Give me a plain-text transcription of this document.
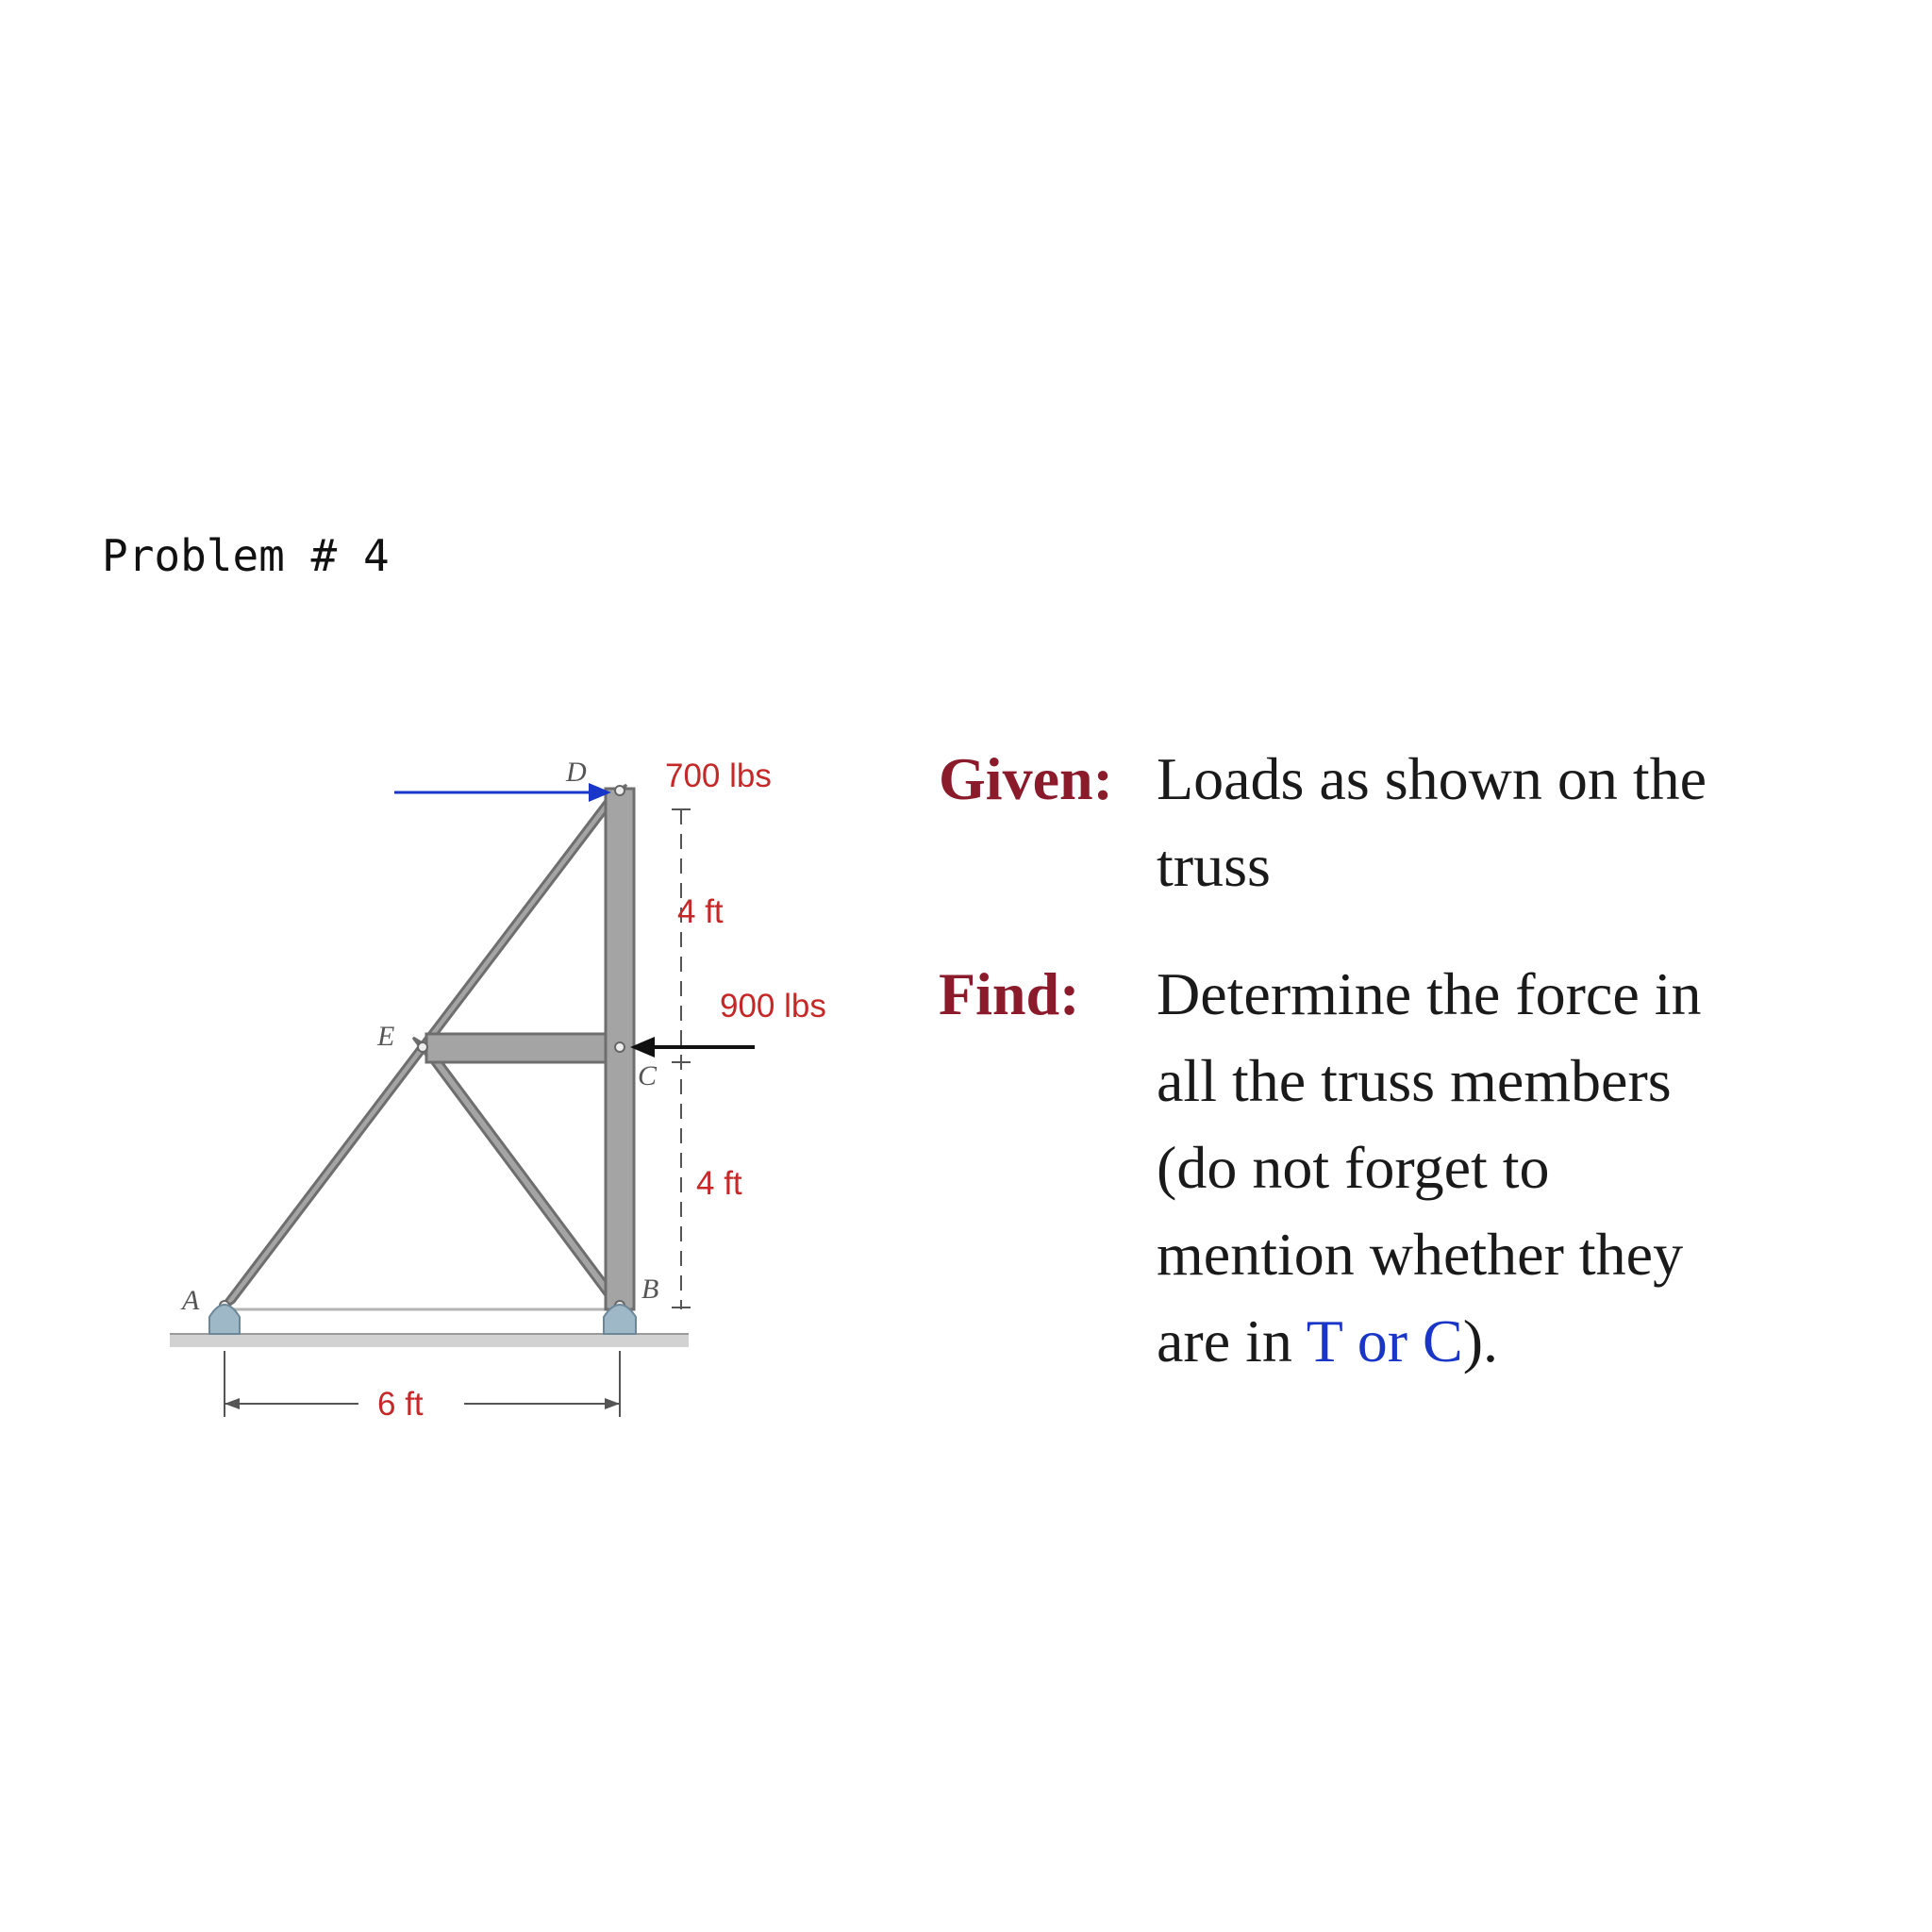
Problem # 4
A
E
C
D
B
700 lbs
900 lbs
4 ft
4 ft
6 ft
Given: Loads as shown on the
truss
Find: Determine the force in
all the truss members
(do not forget to
mention whether they
are in T or C).
